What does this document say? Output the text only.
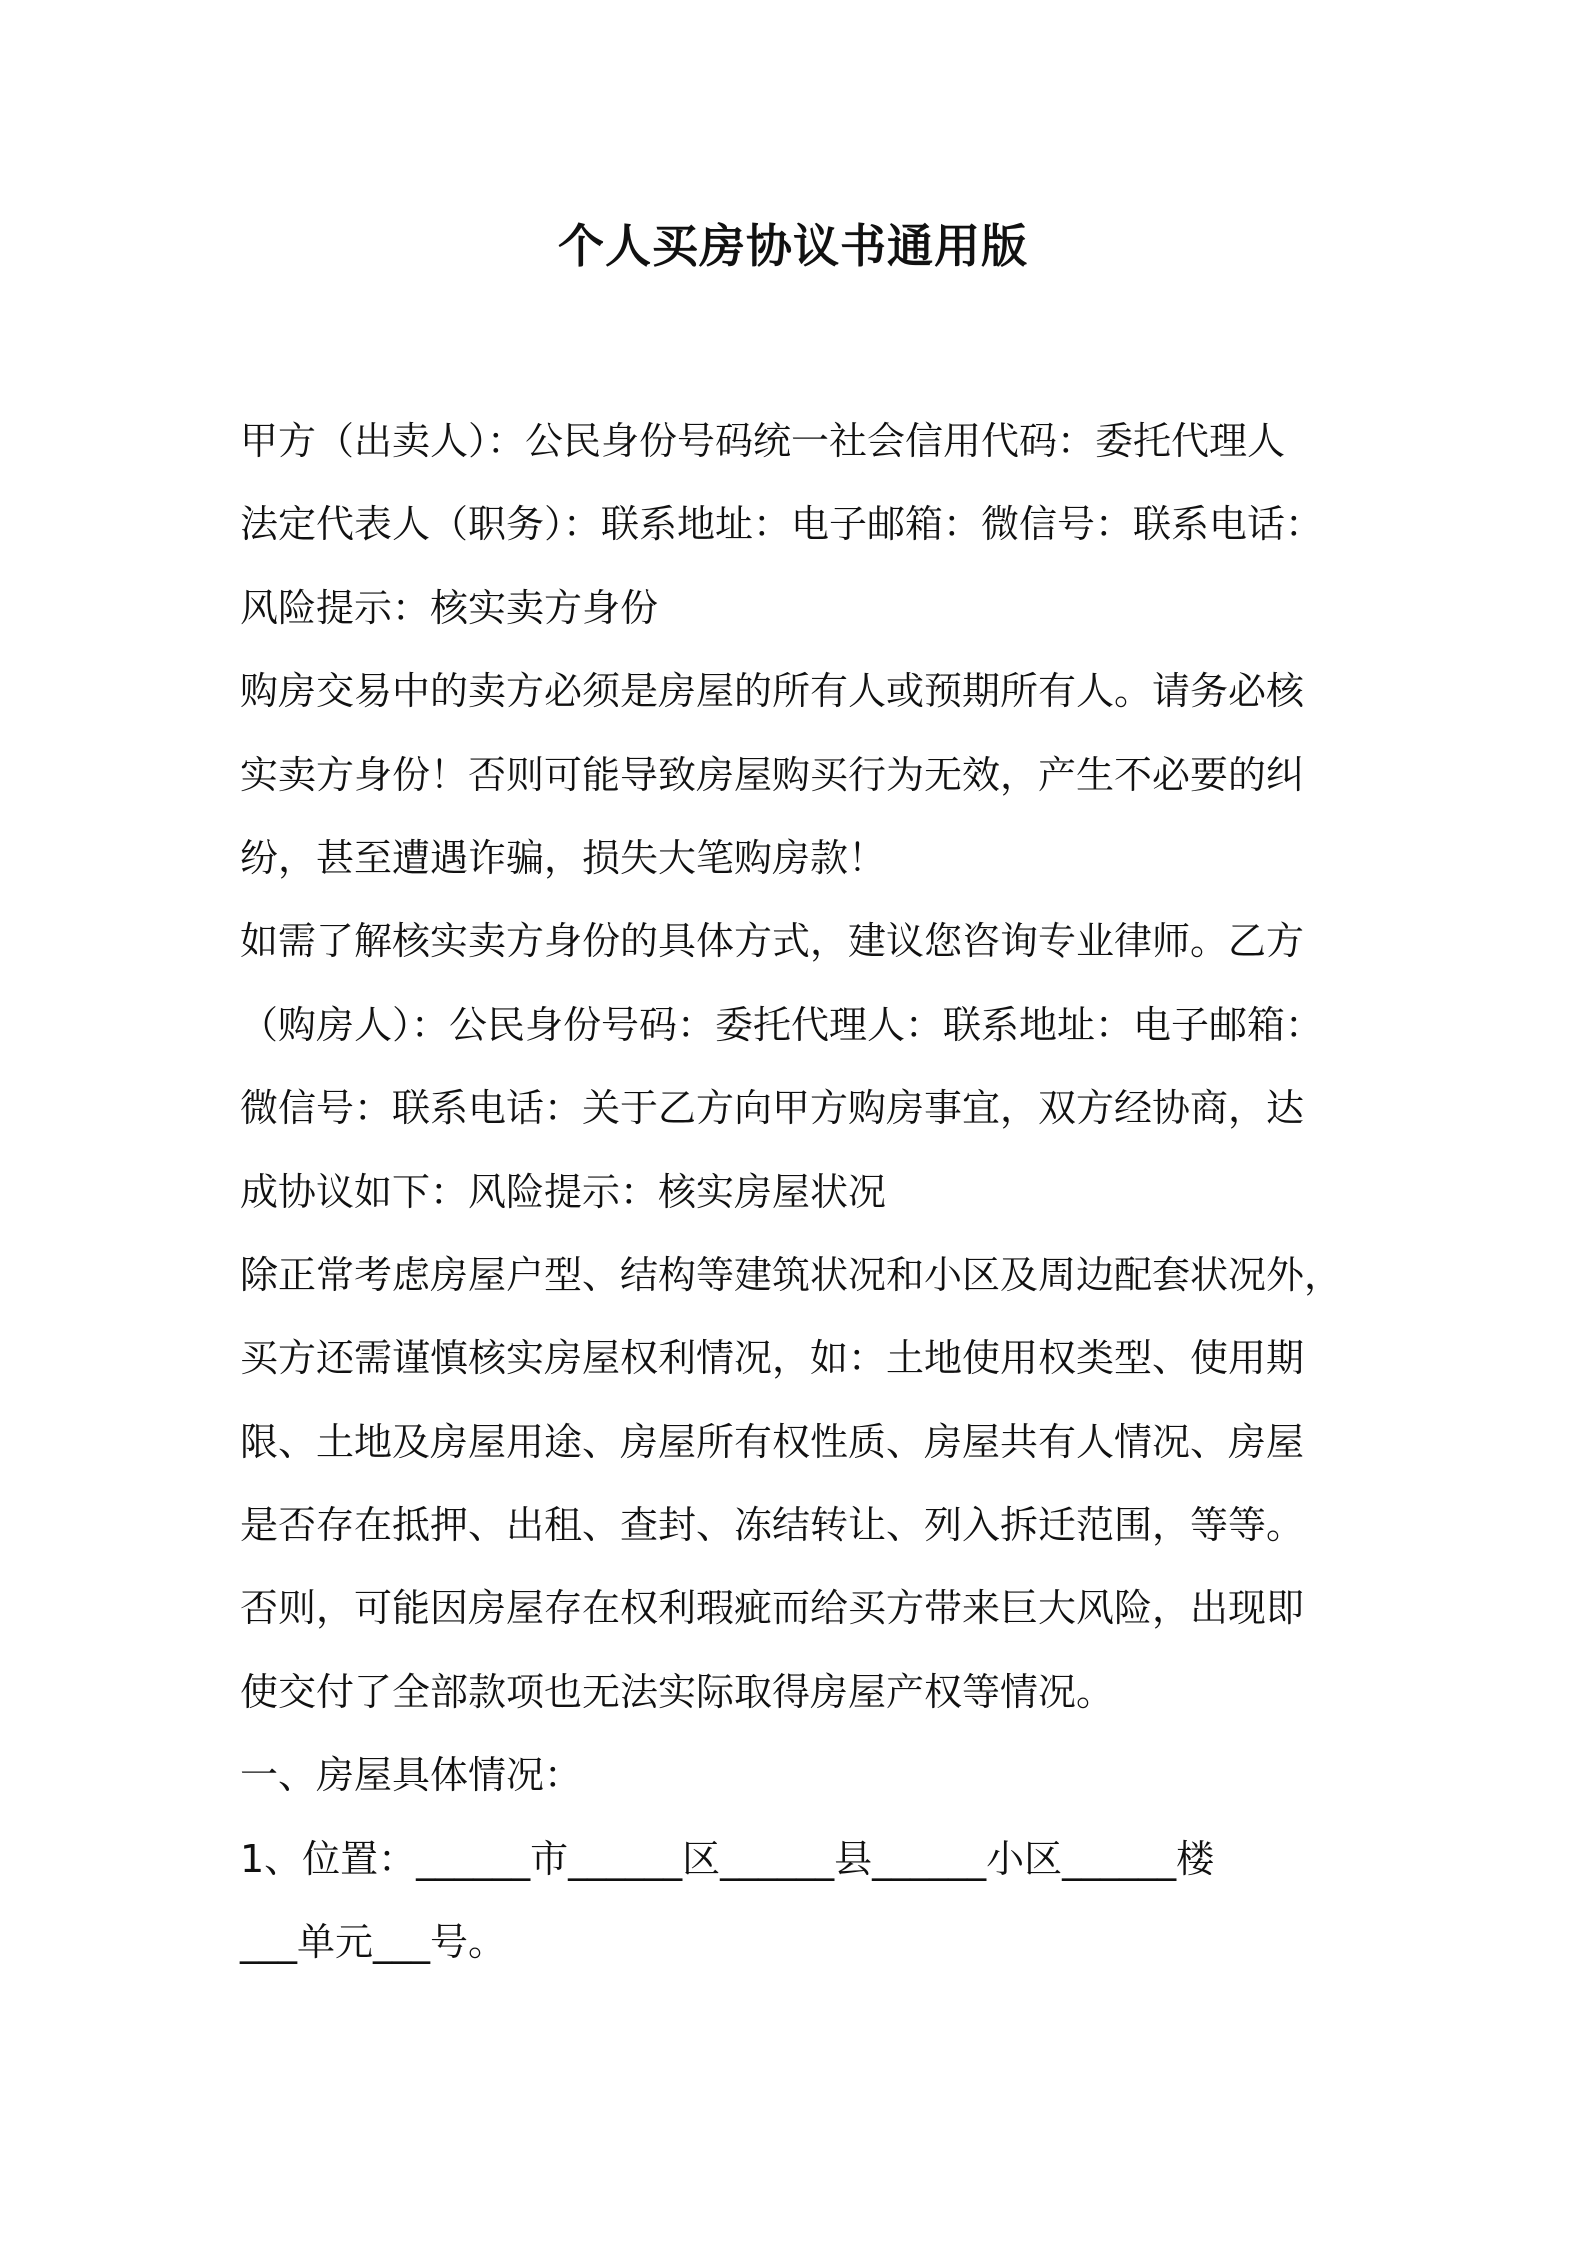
个人买房协议书通用版
甲方（出卖人）：公民身份号码统一社会信用代码：委托代理人
法定代表人（职务）：联系地址：电子邮箱：微信号：联系电话：
风险提示：核实卖方身份
购房交易中的卖方必须是房屋的所有人或预期所有人。请务必核
实卖方身份！否则可能导致房屋购买行为无效，产生不必要的纠
纷，甚至遭遇诈骗，损失大笔购房款！
如需了解核实卖方身份的具体方式，建议您咨询专业律师。乙方
（购房人）：公民身份号码：委托代理人：联系地址：电子邮箱：
微信号：联系电话：关于乙方向甲方购房事宜，双方经协商，达
成协议如下：风险提示：核实房屋状况
除正常考虑房屋户型、结构等建筑状况和小区及周边配套状况外，
买方还需谨慎核实房屋权利情况，如：土地使用权类型、使用期
限、土地及房屋用途、房屋所有权性质、房屋共有人情况、房屋
是否存在抵押、出租、查封、冻结转让、列入拆迁范围，等等。
否则，可能因房屋存在权利瑕疵而给买方带来巨大风险，出现即
使交付了全部款项也无法实际取得房屋产权等情况。
一、房屋具体情况：
1、位置：______市______区______县______小区______楼
___单元___号。
